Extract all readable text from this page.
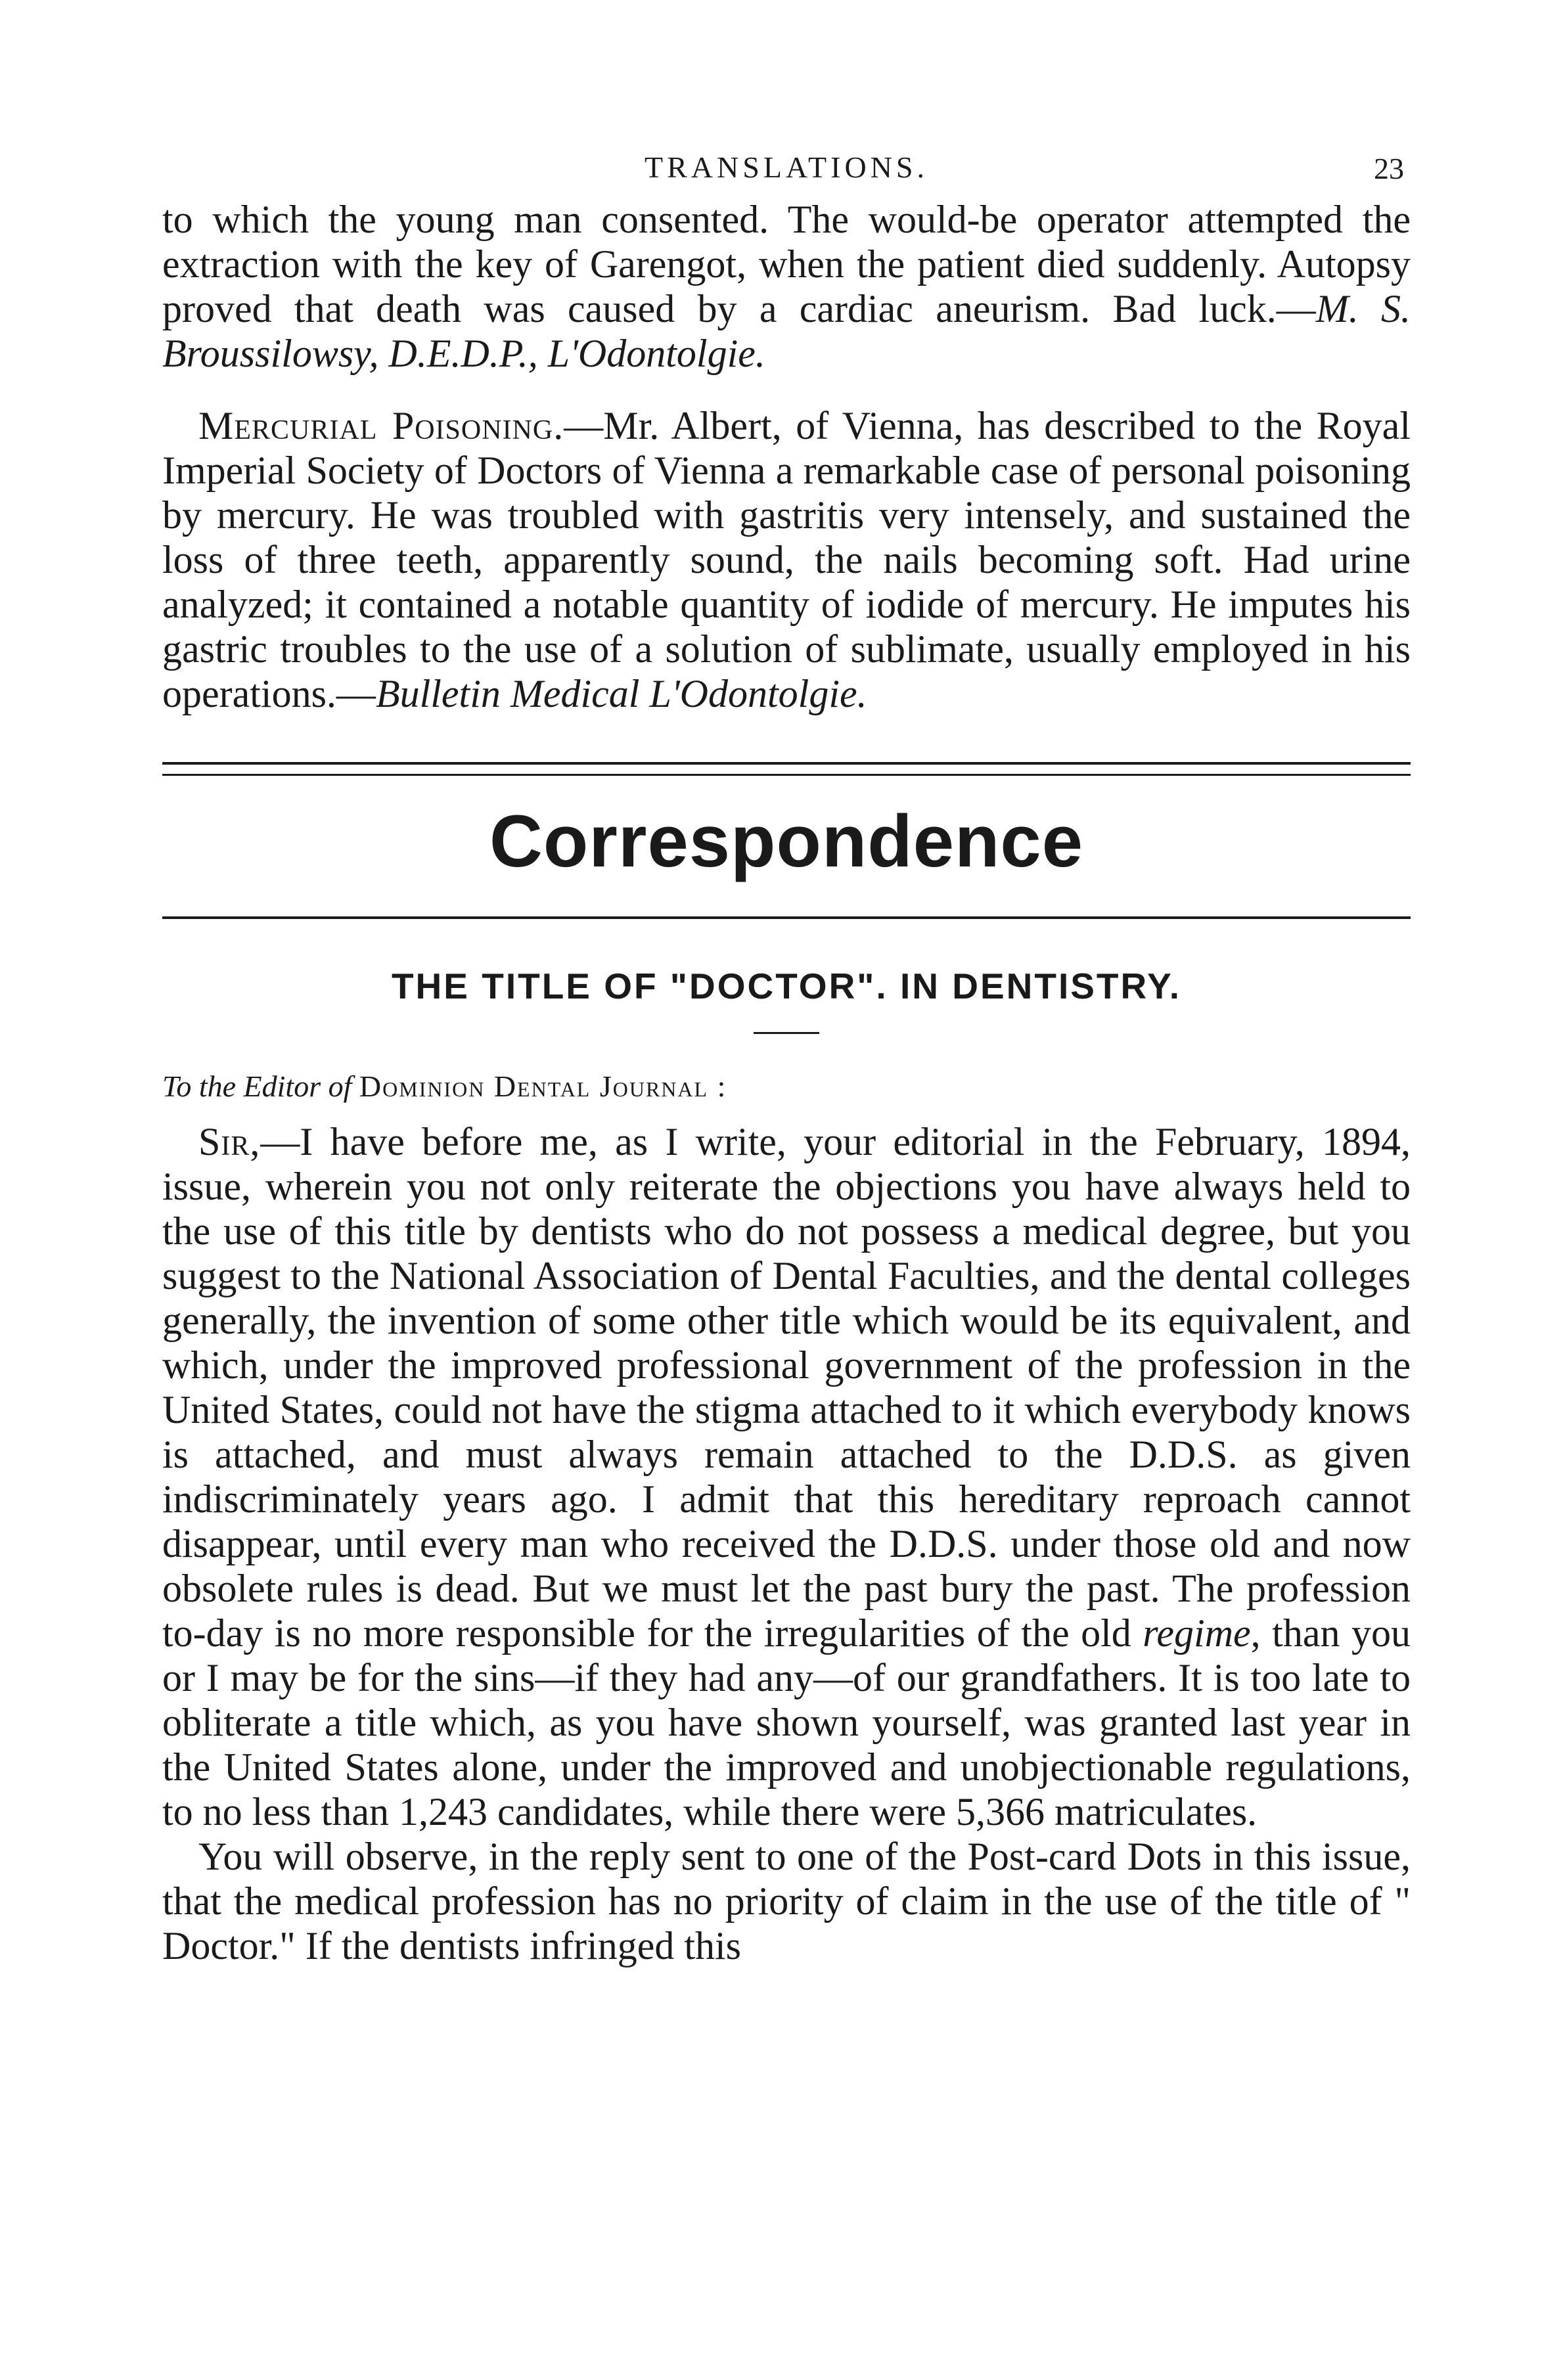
TRANSLATIONS.	23

to which the young man consented. The would-be operator attempted the extraction with the key of Garengot, when the patient died suddenly. Autopsy proved that death was caused by a cardiac aneurism. Bad luck.—M. S. Broussilowsy, D.E.D.P., L'Odontolgie.

Mercurial Poisoning.—Mr. Albert, of Vienna, has described to the Royal Imperial Society of Doctors of Vienna a remarkable case of personal poisoning by mercury. He was troubled with gastritis very intensely, and sustained the loss of three teeth, apparently sound, the nails becoming soft. Had urine analyzed; it contained a notable quantity of iodide of mercury. He imputes his gastric troubles to the use of a solution of sublimate, usually employed in his operations.—Bulletin Medical L'Odontolgie.

Correspondence
THE TITLE OF "DOCTOR". IN DENTISTRY.
To the Editor of Dominion Dental Journal :

Sir,—I have before me, as I write, your editorial in the February, 1894, issue, wherein you not only reiterate the objections you have always held to the use of this title by dentists who do not possess a medical degree, but you suggest to the National Association of Dental Faculties, and the dental colleges generally, the invention of some other title which would be its equivalent, and which, under the improved professional government of the profession in the United States, could not have the stigma attached to it which everybody knows is attached, and must always remain attached to the D.D.S. as given indiscriminately years ago. I admit that this hereditary reproach cannot disappear, until every man who received the D.D.S. under those old and now obsolete rules is dead. But we must let the past bury the past. The profession to-day is no more responsible for the irregularities of the old regime, than you or I may be for the sins—if they had any—of our grandfathers. It is too late to obliterate a title which, as you have shown yourself, was granted last year in the United States alone, under the improved and unobjectionable regulations, to no less than 1,243 candidates, while there were 5,366 matriculates.

You will observe, in the reply sent to one of the Post-card Dots in this issue, that the medical profession has no priority of claim in the use of the title of " Doctor." If the dentists infringed this
